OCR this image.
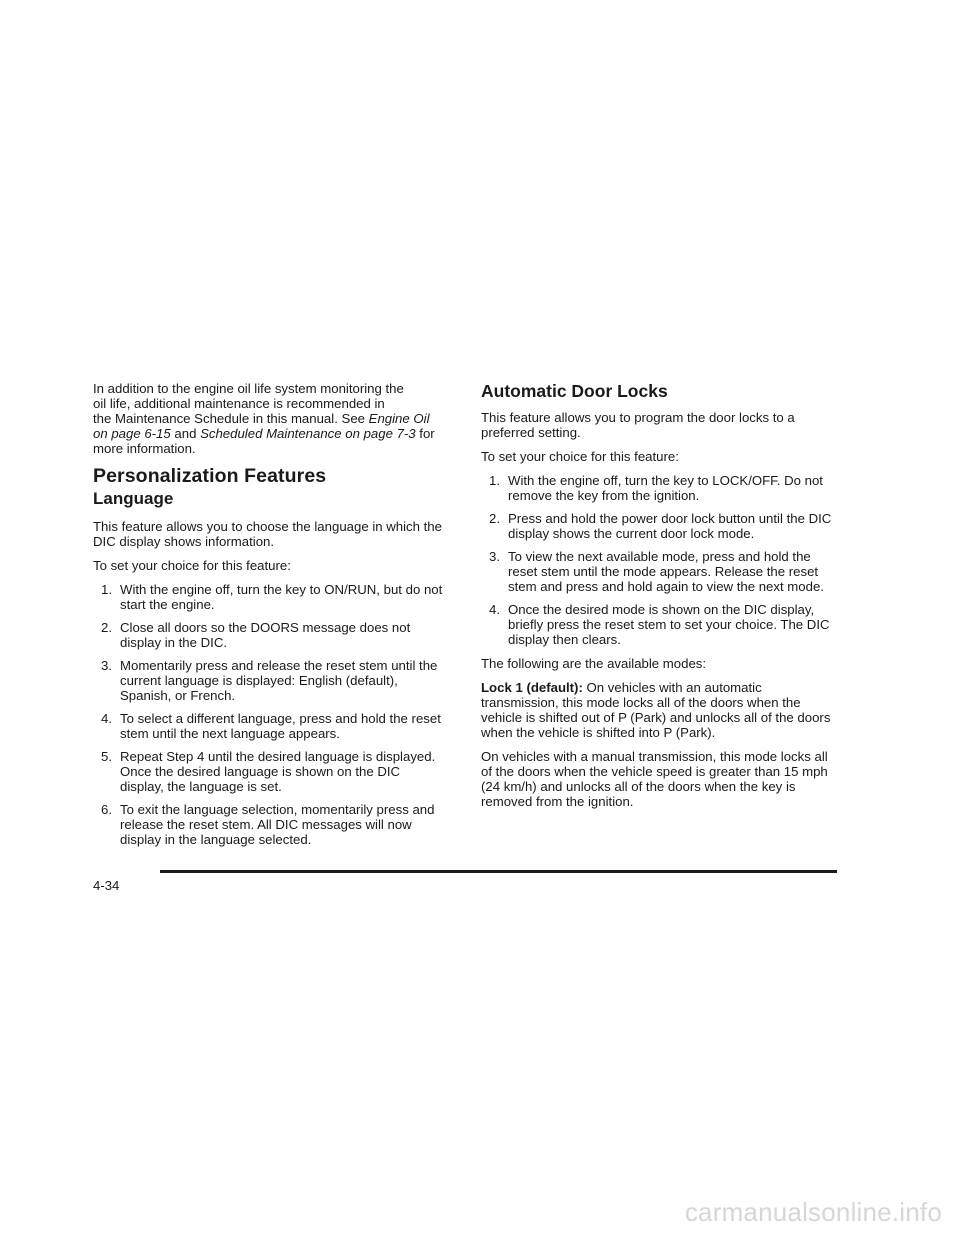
In addition to the engine oil life system monitoring the
oil life, additional maintenance is recommended in
the Maintenance Schedule in this manual. See Engine Oil on page 6-15 and Scheduled Maintenance on page 7-3 for more information.

Personalization Features
Language

This feature allows you to choose the language in which the DIC display shows information.

To set your choice for this feature:

1. With the engine off, turn the key to ON/RUN, but do not start the engine.
2. Close all doors so the DOORS message does not display in the DIC.
3. Momentarily press and release the reset stem until the current language is displayed: English (default), Spanish, or French.
4. To select a different language, press and hold the reset stem until the next language appears.
5. Repeat Step 4 until the desired language is displayed. Once the desired language is shown on the DIC display, the language is set.
6. To exit the language selection, momentarily press and release the reset stem. All DIC messages will now display in the language selected.
Automatic Door Locks

This feature allows you to program the door locks to a preferred setting.

To set your choice for this feature:

1. With the engine off, turn the key to LOCK/OFF. Do not remove the key from the ignition.
2. Press and hold the power door lock button until the DIC display shows the current door lock mode.
3. To view the next available mode, press and hold the reset stem until the mode appears. Release the reset stem and press and hold again to view the next mode.
4. Once the desired mode is shown on the DIC display, briefly press the reset stem to set your choice. The DIC display then clears.

The following are the available modes:

Lock 1 (default): On vehicles with an automatic transmission, this mode locks all of the doors when the vehicle is shifted out of P (Park) and unlocks all of the doors when the vehicle is shifted into P (Park).

On vehicles with a manual transmission, this mode locks all of the doors when the vehicle speed is greater than 15 mph (24 km/h) and unlocks all of the doors when the key is removed from the ignition.

4-34
carmanualsonline.info
